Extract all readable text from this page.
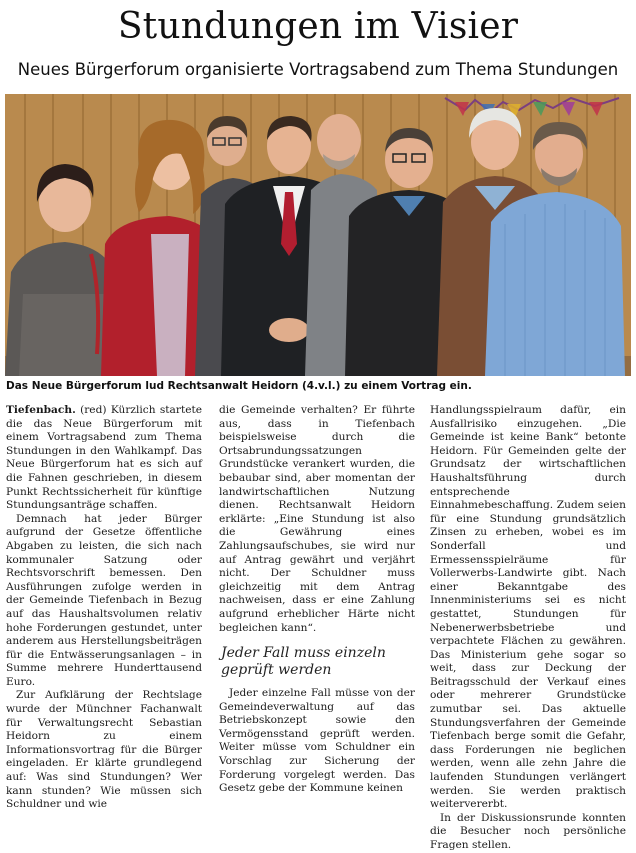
Stundungen im Visier
Neues Bürgerforum organisierte Vortragsabend zum Thema Stundungen
Das Neue Bürgerforum lud Rechtsanwalt Heidorn (4.v.l.) zu einem Vortrag ein.

Tiefenbach. (red) Kürzlich startete die das Neue Bürgerforum mit einem Vortragsabend zum Thema Stundungen in den Wahlkampf. Das Neue Bürgerforum hat es sich auf die Fahnen geschrieben, in diesem Punkt Rechtssicherheit für künftige Stundungsanträge schaffen.

Demnach hat jeder Bürger aufgrund der Gesetze öffentliche Abgaben zu leisten, die sich nach kommunaler Satzung oder Rechtsvorschrift bemessen. Den Ausführungen zufolge werden in der Gemeinde Tiefenbach in Bezug auf das Haushaltsvolumen relativ hohe Forderungen gestundet, unter anderem aus Herstellungsbeiträgen für die Entwässerungsanlagen – in Summe mehrere Hunderttausend Euro.

Zur Aufklärung der Rechtslage wurde der Münchner Fachanwalt für Verwaltungsrecht Sebastian Heidorn zu einem Informationsvortrag für die Bürger eingeladen. Er klärte grundlegend auf: Was sind Stundungen? Wer kann stunden? Wie müssen sich Schuldner und wie

die Gemeinde verhalten? Er führte aus, dass in Tiefenbach beispielsweise durch die Ortsabrundungssatzungen Grundstücke verankert wurden, die bebaubar sind, aber momentan der landwirtschaftlichen Nutzung dienen. Rechtsanwalt Heidorn erklärte: „Eine Stundung ist also die Gewährung eines Zahlungsaufschubes, sie wird nur auf Antrag gewährt und verjährt nicht. Der Schuldner muss gleichzeitig mit dem Antrag nachweisen, dass er eine Zahlung aufgrund erheblicher Härte nicht begleichen kann“.

Jeder Fall muss einzeln geprüft werden

Jeder einzelne Fall müsse von der Gemeindeverwaltung auf das Betriebskonzept sowie den Vermögensstand geprüft werden. Weiter müsse vom Schuldner ein Vorschlag zur Sicherung der Forderung vorgelegt werden. Das Gesetz gebe der Kommune keinen

Handlungsspielraum dafür, ein Ausfallrisiko einzugehen. „Die Gemeinde ist keine Bank“ betonte Heidorn. Für Gemeinden gelte der Grundsatz der wirtschaftlichen Haushaltsführung durch entsprechende Einnahmebeschaffung. Zudem seien für eine Stundung grundsätzlich Zinsen zu erheben, wobei es im Sonderfall und Ermessensspielräume für Vollerwerbs-Landwirte gibt. Nach einer Bekanntgabe des Innenministeriums sei es nicht gestattet, Stundungen für Nebenerwerbsbetriebe und verpachtete Flächen zu gewähren. Das Ministerium gehe sogar so weit, dass zur Deckung der Beitragsschuld der Verkauf eines oder mehrerer Grundstücke zumutbar sei. Das aktuelle Stundungsverfahren der Gemeinde Tiefenbach berge somit die Gefahr, dass Forderungen nie beglichen werden, wenn alle zehn Jahre die laufenden Stundungen verlängert werden. Sie werden praktisch weitervererbt.

In der Diskussionsrunde konnten die Besucher noch persönliche Fragen stellen.
